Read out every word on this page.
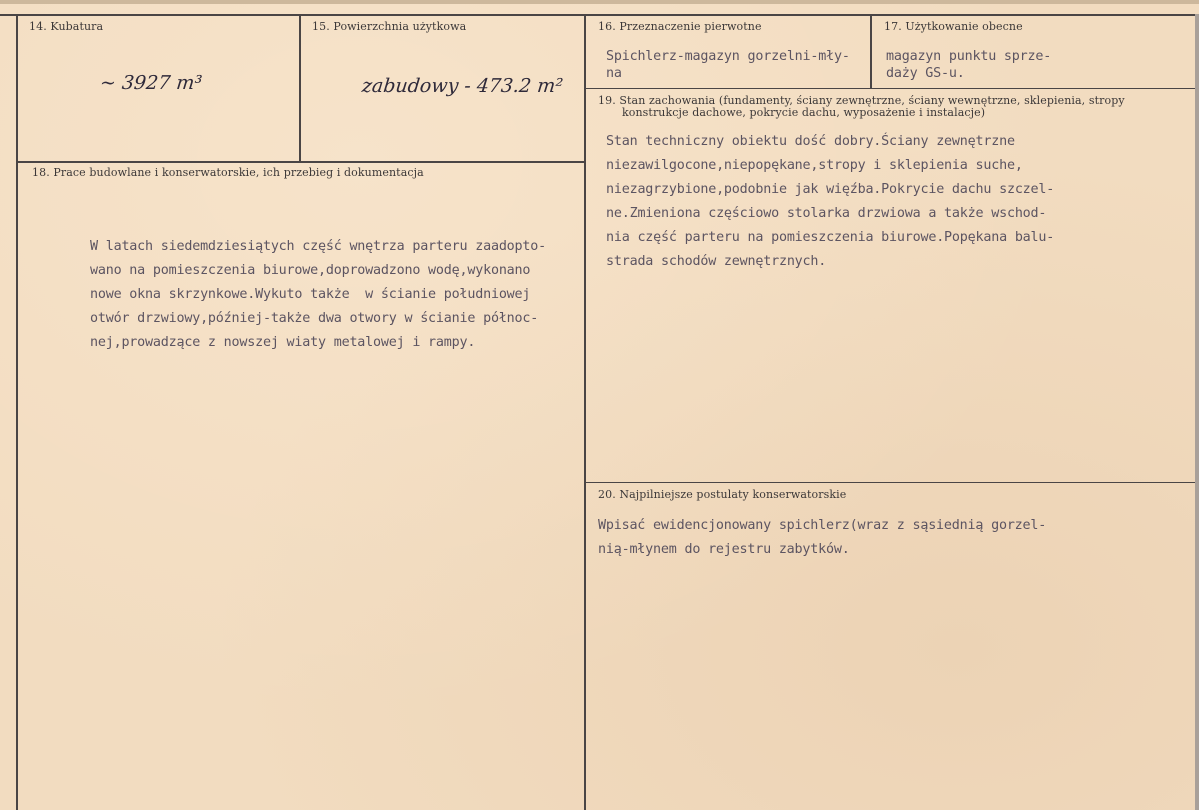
14. Kubatura
~ 3927 m³
15. Powierzchnia użytkowa
zabudowy - 473.2 m²
16. Przeznaczenie pierwotne
Spichlerz-magazyn gorzelni-mły-
na
17. Użytkowanie obecne
magazyn punktu sprze-
daży GS-u.
18. Prace budowlane i konserwatorskie, ich przebieg i dokumentacja
W latach siedemdziesiątych część wnętrza parteru zaadopto-
wano na pomieszczenia biurowe,doprowadzono wodę,wykonano
nowe okna skrzynkowe.Wykuto także  w ścianie południowej
otwór drzwiowy,później-także dwa otwory w ścianie północ-
nej,prowadzące z nowszej wiaty metalowej i rampy.
19. Stan zachowania (fundamenty, ściany zewnętrzne, ściany wewnętrzne, sklepienia, stropy
konstrukcje dachowe, pokrycie dachu, wyposażenie i instalacje)
Stan techniczny obiektu dość dobry.Ściany zewnętrzne
niezawilgocone,niepopękane,stropy i sklepienia suche,
niezagrzybione,podobnie jak więźba.Pokrycie dachu szczel-
ne.Zmieniona częściowo stolarka drzwiowa a także wschod-
nia część parteru na pomieszczenia biurowe.Popękana balu-
strada schodów zewnętrznych.
20. Najpilniejsze postulaty konserwatorskie
Wpisać ewidencjonowany spichlerz(wraz z sąsiednią gorzel-
nią-młynem do rejestru zabytków.
